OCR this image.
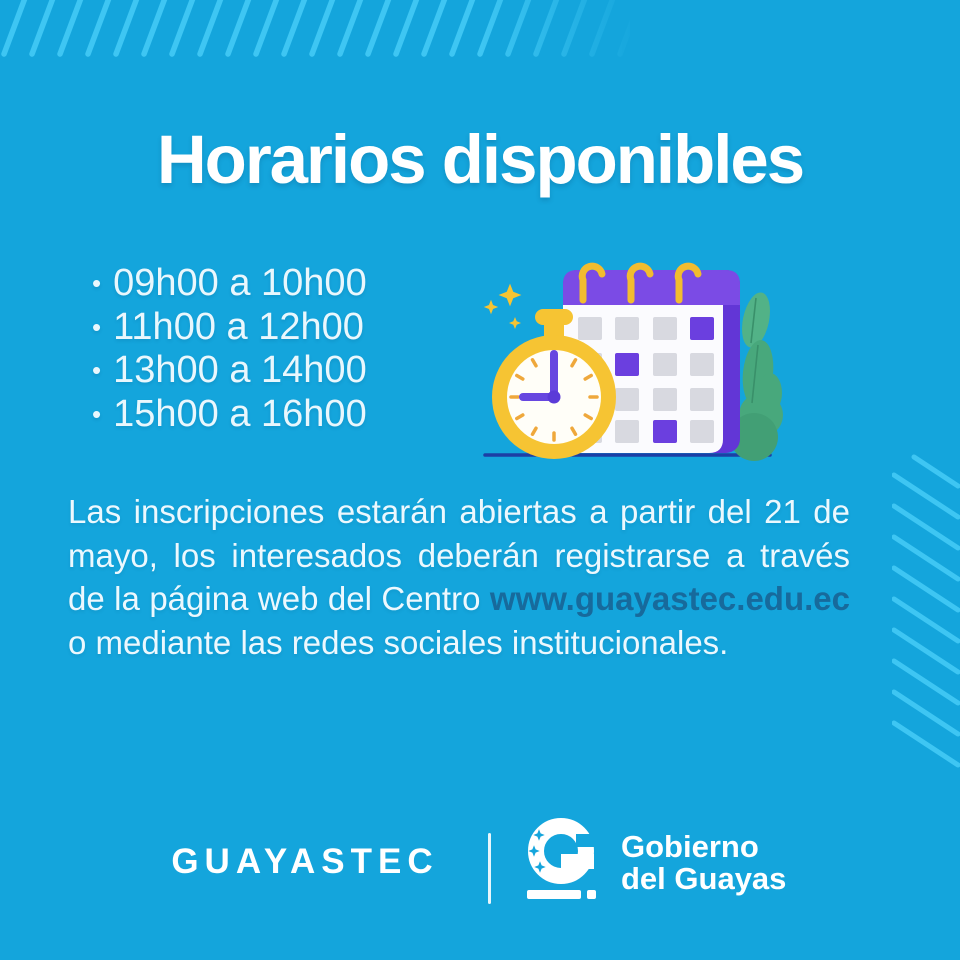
Horarios disponibles
• 09h00 a 10h00
• 11h00 a 12h00
• 13h00 a 14h00
• 15h00 a 16h00

Las inscripciones estarán abiertas a partir del 21 de mayo, los interesados deberán registrarse a través de la página web del Centro www.guayastec.edu.ec o mediante las redes sociales institucionales.

GUAYASTEC	Gobierno
del Guayas
